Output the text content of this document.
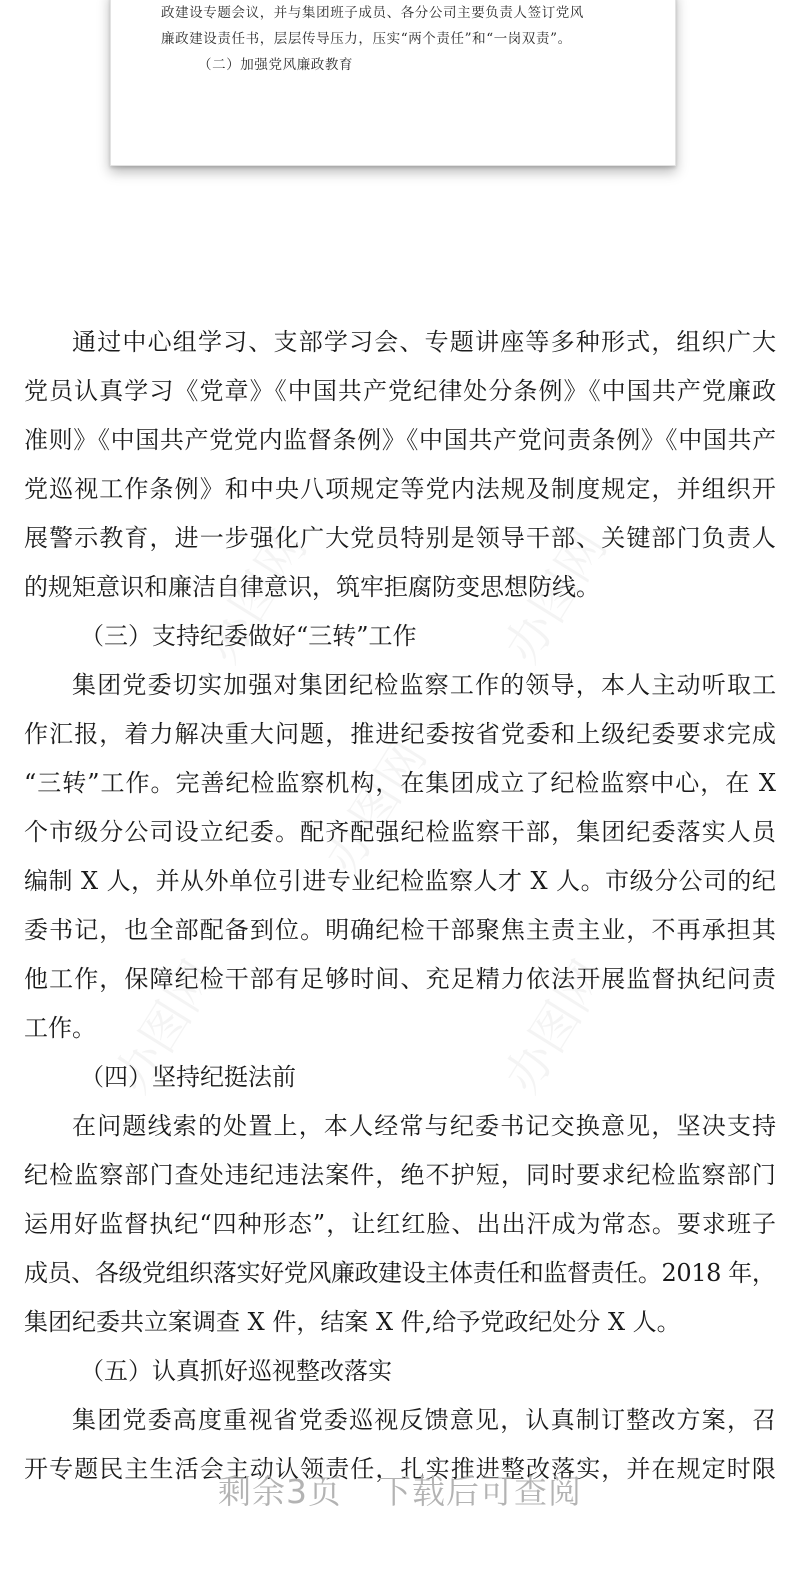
政建设专题会议，并与集团班子成员、各分公司主要负责人签订党风
廉政建设责任书，层层传导压力，压实“两个责任”和“一岗双责”。
（二）加强党风廉政教育
通过中心组学习、支部学习会、专题讲座等多种形式，组织广大
党员认真学习《党章》《中国共产党纪律处分条例》《中国共产党廉政
准则》《中国共产党党内监督条例》《中国共产党问责条例》《中国共产
党巡视工作条例》和中央八项规定等党内法规及制度规定，并组织开
展警示教育，进一步强化广大党员特别是领导干部、关键部门负责人
的规矩意识和廉洁自律意识，筑牢拒腐防变思想防线。
（三）支持纪委做好“三转”工作
集团党委切实加强对集团纪检监察工作的领导，本人主动听取工
作汇报，着力解决重大问题，推进纪委按省党委和上级纪委要求完成
“三转”工作。完善纪检监察机构，在集团成立了纪检监察中心，在 X
个市级分公司设立纪委。配齐配强纪检监察干部，集团纪委落实人员
编制 X 人，并从外单位引进专业纪检监察人才 X 人。市级分公司的纪
委书记，也全部配备到位。明确纪检干部聚焦主责主业，不再承担其
他工作，保障纪检干部有足够时间、充足精力依法开展监督执纪问责
工作。
（四）坚持纪挺法前
在问题线索的处置上，本人经常与纪委书记交换意见，坚决支持
纪检监察部门查处违纪违法案件，绝不护短，同时要求纪检监察部门
运用好监督执纪“四种形态”，让红红脸、出出汗成为常态。要求班子
成员、各级党组织落实好党风廉政建设主体责任和监督责任。2018 年，
集团纪委共立案调查 X 件，结案 X 件,给予党政纪处分 X 人。
（五）认真抓好巡视整改落实
集团党委高度重视省党委巡视反馈意见，认真制订整改方案，召
开专题民主生活会主动认领责任，扎实推进整改落实，并在规定时限
剩余3页 下载后可查阅
